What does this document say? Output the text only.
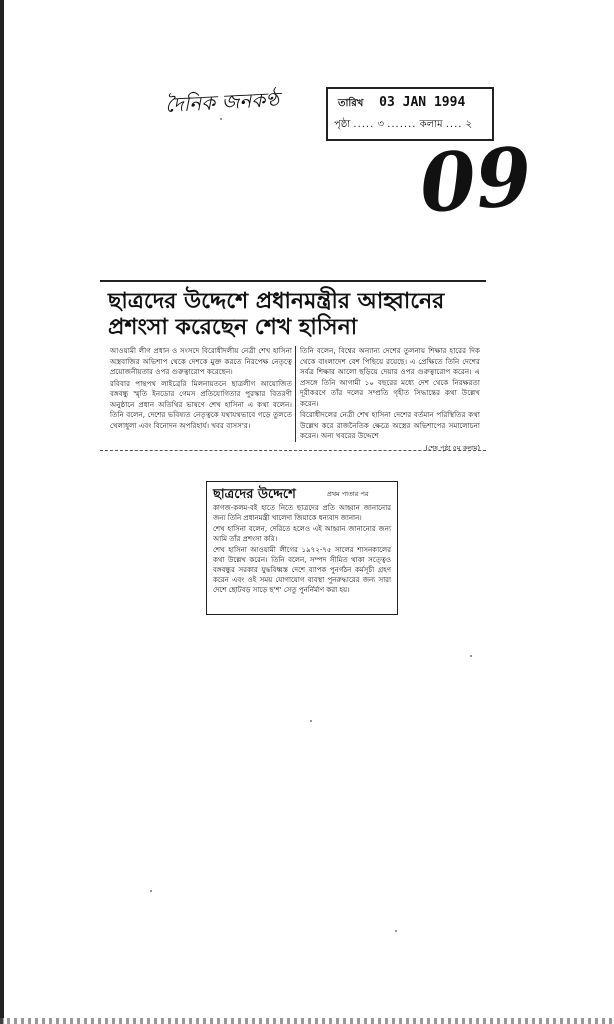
দৈনিক জনকণ্ঠ	তারিখ 03 JAN 1994
পৃষ্ঠা ..... ৩ ....... কলাম .... ২
09
ছাত্রদের উদ্দেশে প্রধানমন্ত্রীর আহ্বানের প্রশংসা করেছেন শেখ হাসিনা

আওয়ামী লীগ প্রধান ও সংসদে বিরোধীদলীয় নেত্রী শেখ হাসিনা অস্ত্রবাজির অভিশাপ থেকে দেশকে মুক্ত করতে নিরপেক্ষ নেতৃত্বে প্রয়োজনীয়তার ওপর গুরুত্বারোপ করেছেন।

রবিবার পান্থপথ লাইব্রেরি মিলনায়তনে ছাত্রলীগ আয়োজিত বঙ্গবন্ধু স্মৃতি ইনডোর গেমস প্রতিযোগিতার পুরস্কার বিতরণী অনুষ্ঠানে প্রধান অতিথির ভাষণে শেখ হাসিনা এ কথা বলেন। তিনি বলেন, দেশের ভবিষ্যত নেতৃত্বকে যথাযথভাবে গড়ে তুলতে খেলাধুলা এবং বিনোদন অপরিহার্য। খবর বাসস'র।

তিনি বলেন, বিশ্বের অন্যান্য দেশের তুলনায় শিক্ষার হারের দিক থেকে বাংলাদেশ বেশ পিছিয়ে রয়েছে। এ প্রেক্ষিতে তিনি দেশের সর্বত্র শিক্ষার আলো ছড়িয়ে দেয়ার ওপর গুরুত্বারোপ করেন। এ প্রসঙ্গে তিনি আগামী ১০ বছরের মধ্যে দেশ থেকে নিরক্ষরতা দূরীকরণে তাঁর দলের সম্প্রতি গৃহীত সিদ্ধান্তের কথা উল্লেখ করেন।

বিরোধীদলের নেত্রী শেখ হাসিনা দেশের বর্তমান পরিস্থিতির কথা উল্লেখ করে রাজনৈতিক ক্ষেত্রে অস্ত্রের অভিশাপের সমালোচনা করেন। অন্য খবরের উদ্দেশে

(শেষ পৃষ্ঠা ৫ম কলাম)
ছাত্রদের উদ্দেশে	প্রথম পাতার পর

কাগজ-কলম-বই হাতে নিতে ছাত্রদের প্রতি আহ্বান জানানোর জন্য তিনি প্রধানমন্ত্রী খালেদা জিয়াকে ধন্যবাদ জানান।

শেখ হাসিনা বলেন, দেরিতে হলেও এই আহ্বান জানানোর জন্য আমি তাঁর প্রশংসা করি।

শেখ হাসিনা আওয়ামী লীগের ১৯৭২-৭৫ সালের শাসনকালের কথা উল্লেখ করেন। তিনি বলেন, সম্পদ সীমিত থাকা সত্ত্বেও বঙ্গবন্ধুর সরকার যুদ্ধবিধ্বস্ত দেশে ব্যাপক পুনর্গঠন কর্মসূচী গ্রহণ করেন এবং ওই সময় যোগাযোগ ব্যবস্থা পুনরুদ্ধারের জন্য সারা দেশে ছোটবড় সাড়ে ছ'শ' সেতু পুনর্নির্মাণ করা হয়।
